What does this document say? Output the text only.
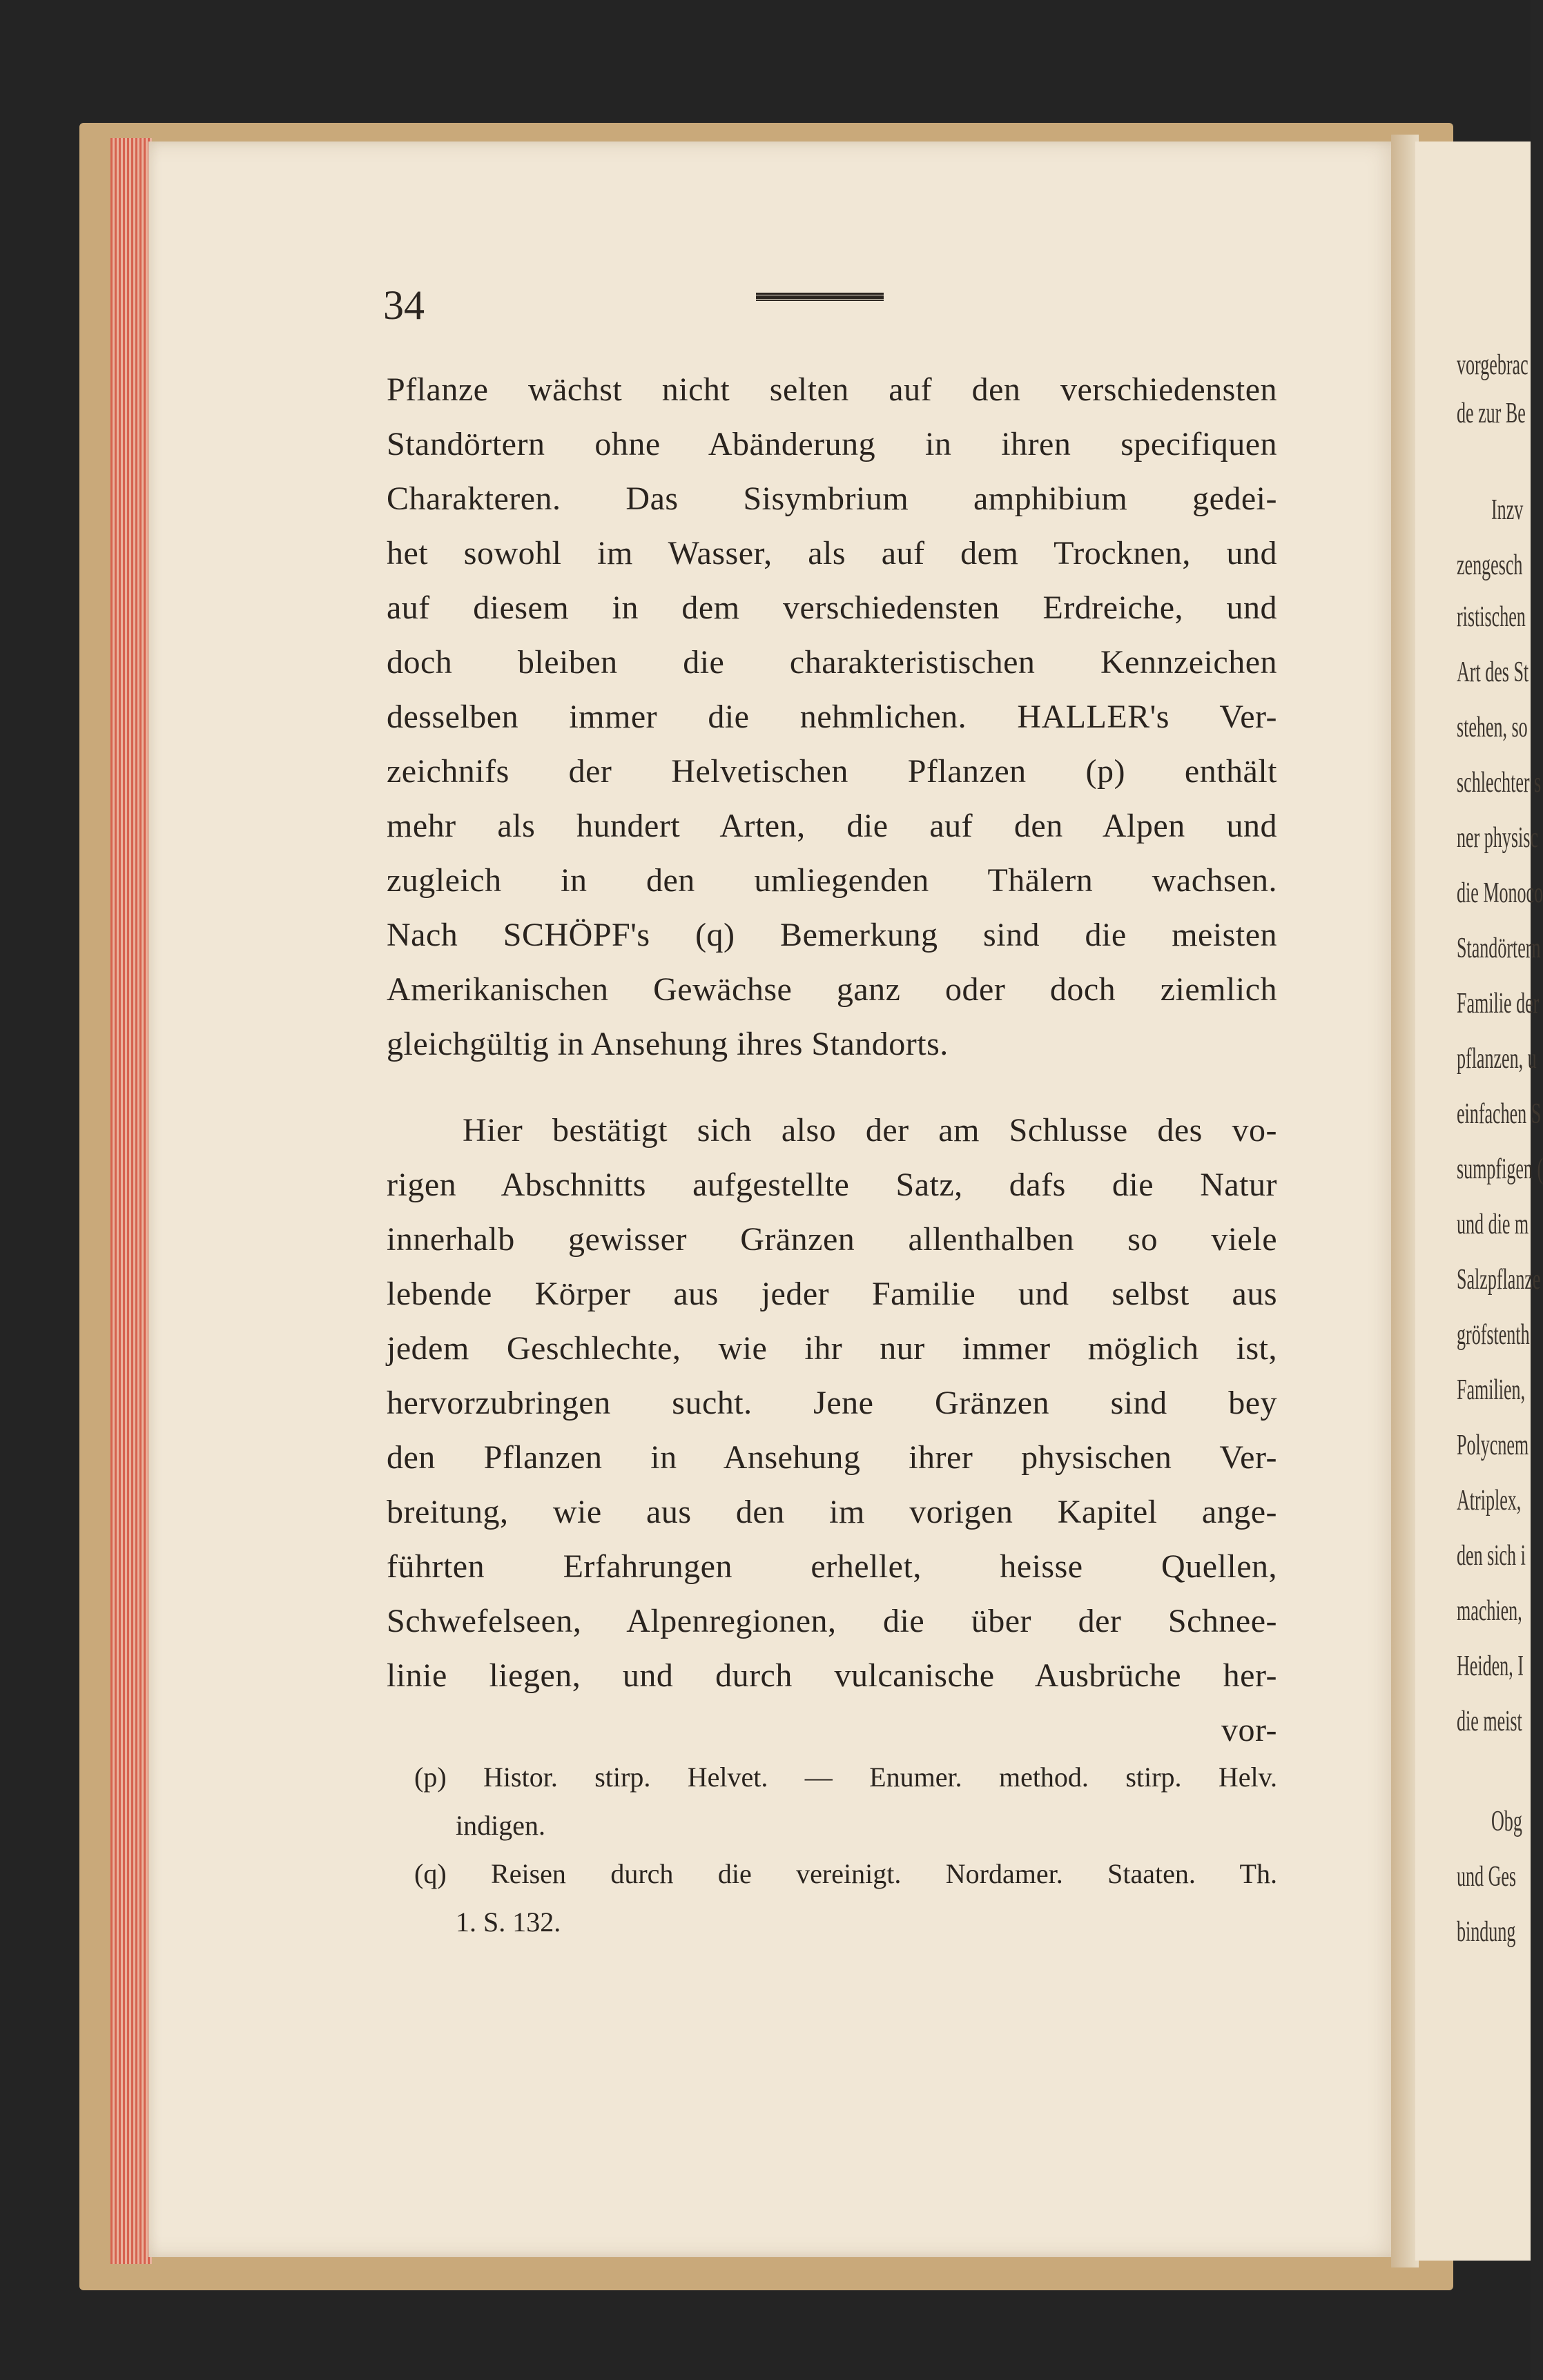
vorgebrac
de zur Be
Inzv
zengesch
ristischen
Art des St
stehen, so
schlechter s
ner physisc
die Monoco
Standörtern
Familie der
pflanzen, u
einfachen S
sumpfigen (
und die m
Salzpflanze
gröfstenth
Familien,
Polycnem
Atriplex,
den sich i
machien,
Heiden, I
die meist
Obg
und Ges
bindung
34
Pflanze wächst nicht selten auf den verschiedensten
Standörtern ohne Abänderung in ihren specifiquen
Charakteren. Das Sisymbrium amphibium gedei-
het sowohl im Wasser, als auf dem Trocknen, und
auf diesem in dem verschiedensten Erdreiche, und
doch bleiben die charakteristischen Kennzeichen
desselben immer die nehmlichen. HALLER's Ver-
zeichnifs der Helvetischen Pflanzen (p) enthält
mehr als hundert Arten, die auf den Alpen und
zugleich in den umliegenden Thälern wachsen.
Nach SCHÖPF's (q) Bemerkung sind die meisten
Amerikanischen Gewächse ganz oder doch ziemlich
gleichgültig in Ansehung ihres Standorts.
Hier bestätigt sich also der am Schlusse des vo-
rigen Abschnitts aufgestellte Satz, dafs die Natur
innerhalb gewisser Gränzen allenthalben so viele
lebende Körper aus jeder Familie und selbst aus
jedem Geschlechte, wie ihr nur immer möglich ist,
hervorzubringen sucht. Jene Gränzen sind bey
den Pflanzen in Ansehung ihrer physischen Ver-
breitung, wie aus den im vorigen Kapitel ange-
führten Erfahrungen erhellet, heisse Quellen,
Schwefelseen, Alpenregionen, die über der Schnee-
linie liegen, und durch vulcanische Ausbrüche her-
vor-
(p) Histor. stirp. Helvet. — Enumer. method. stirp. Helv.
indigen.
(q) Reisen durch die vereinigt. Nordamer. Staaten. Th.
1. S. 132.
